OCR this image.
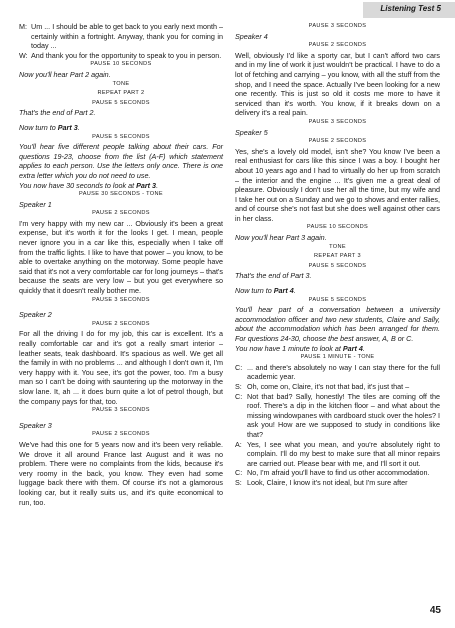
Listening Test 5
M: Um ... I should be able to get back to you early next month – certainly within a fortnight. Anyway, thank you for coming in today ...
W: And thank you for the opportunity to speak to you in person.

PAUSE 10 SECONDS

Now you'll hear Part 2 again.

TONE

REPEAT PART 2

PAUSE 5 SECONDS

That's the end of Part 2.

Now turn to Part 3.

PAUSE 5 SECONDS

You'll hear five different people talking about their cars. For questions 19-23, choose from the list (A-F) which statement applies to each person. Use the letters only once. There is one extra letter which you do not need to use.

You now have 30 seconds to look at Part 3.

PAUSE 30 SECONDS - TONE

Speaker 1

PAUSE 2 SECONDS

I'm very happy with my new car ... Obviously it's been a great expense, but it's worth it for the looks I get. I mean, people never ignore you in a car like this, especially when I take off from the traffic lights. I like to have that power – you know, to be able to overtake anything on the motorway. Some people have said that it's not a very comfortable car for long journeys – that's because the seats are very low – but you get everywhere so quickly that it doesn't really bother me.

PAUSE 3 SECONDS

Speaker 2

PAUSE 2 SECONDS

For all the driving I do for my job, this car is excellent. It's a really comfortable car and it's got a really smart interior – leather seats, teak dashboard. It's spacious as well. We get all the family in with no problems ... and although I don't own it, I'm very happy with it. You see, it's got the power, too. I'm a busy man so I can't be doing with sauntering up the motorway in the slow lane. It, ah ... it does burn quite a lot of petrol though, but the company pays for that, too.

PAUSE 3 SECONDS

Speaker 3

PAUSE 2 SECONDS

We've had this one for 5 years now and it's been very reliable. We drove it all around France last August and it was no problem. There were no complaints from the kids, because it's very roomy in the back, you know. They even had some luggage back there with them. Of course it's not a glamorous looking car, but it really suits us, and it's quite economical to run, too.

PAUSE 3 SECONDS

Speaker 4

PAUSE 2 SECONDS

Well, obviously I'd like a sporty car, but I can't afford two cars and in my line of work it just wouldn't be practical. I have to do a lot of fetching and carrying – you know, with all the stuff from the shop, and I need the space. Actually I've been looking for a new one recently. This is just so old it costs me more to have it serviced than it's worth. You know, if it breaks down on a delivery it's a real pain.

PAUSE 3 SECONDS

Speaker 5

PAUSE 2 SECONDS

Yes, she's a lovely old model, isn't she? You know I've been a real enthusiast for cars like this since I was a boy. I bought her about 10 years ago and I had to virtually do her up from scratch – the interior and the engine ... It's given me a great deal of pleasure. Obviously I don't use her all the time, but my wife and I take her out on a Sunday and we go to shows and enter rallies, and of course she's not fast but she does well against other cars in her class.

PAUSE 10 SECONDS

Now you'll hear Part 3 again.

TONE

REPEAT PART 3

PAUSE 5 SECONDS

That's the end of Part 3.

Now turn to Part 4.

PAUSE 5 SECONDS

You'll hear part of a conversation between a university accommodation officer and two new students, Claire and Sally, about the accommodation which has been arranged for them. For questions 24-30, choose the best answer, A, B or C.

You now have 1 minute to look at Part 4.

PAUSE 1 MINUTE - TONE

C: ... and there's absolutely no way I can stay there for the full academic year.
S: Oh, come on, Claire, it's not that bad, it's just that –
C: Not that bad? Sally, honestly! The tiles are coming off the roof. There's a dip in the kitchen floor – and what about the missing windowpanes with cardboard stuck over the holes? I ask you! How are we supposed to study in conditions like that?
A: Yes, I see what you mean, and you're absolutely right to complain. I'll do my best to make sure that all minor repairs are carried out. Please bear with me, and I'll sort it out.
C: No, I'm afraid you'll have to find us other accommodation.
S: Look, Claire, I know it's not ideal, but I'm sure after
45
